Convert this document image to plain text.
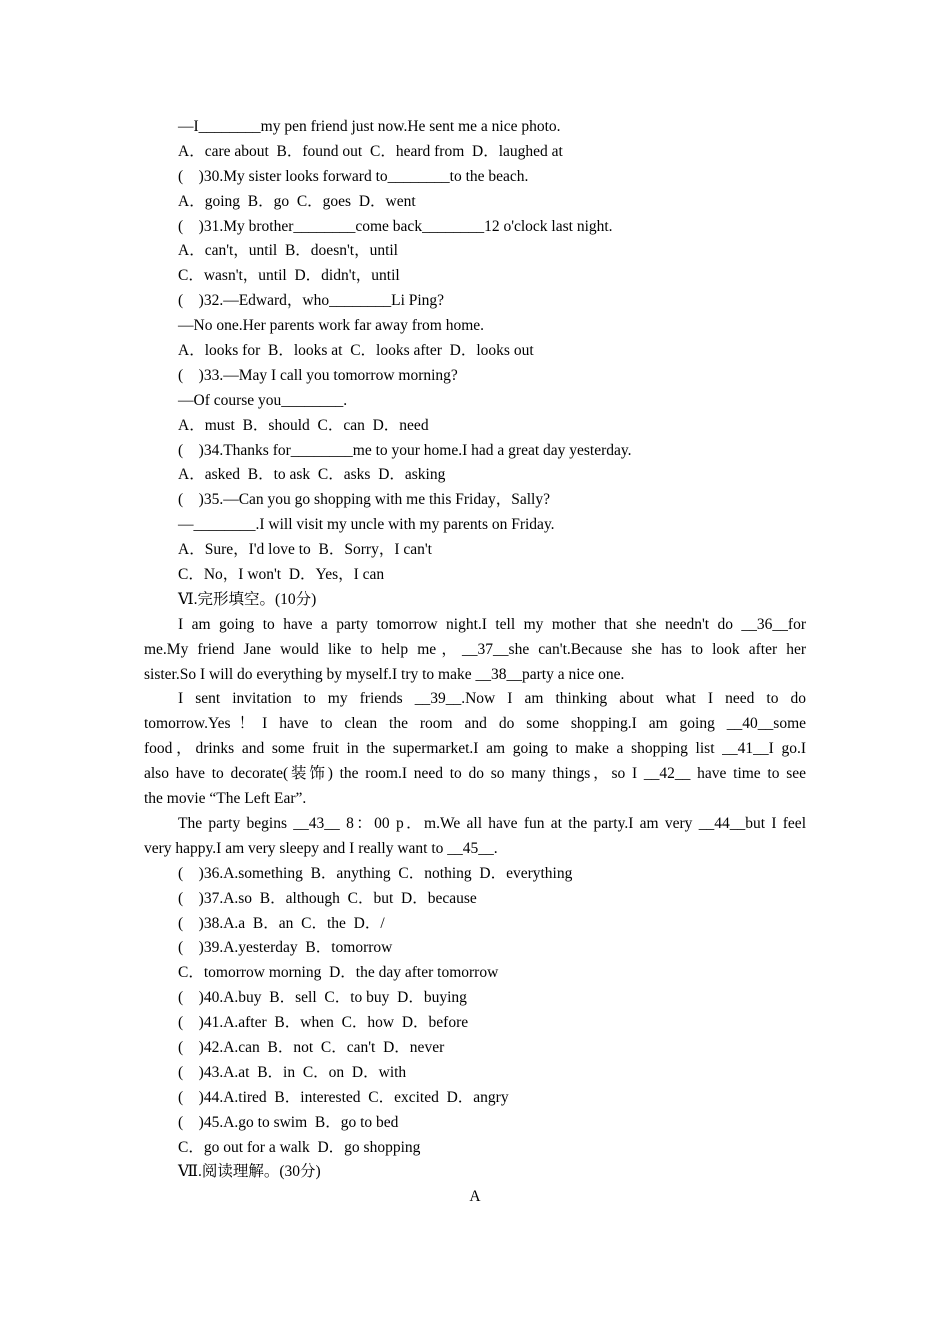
—I________my pen friend just now.He sent me a nice photo.
A．care about  B．found out  C．heard from  D．laughed at
(    )30.My sister looks forward to________to the beach.
A．going  B．go  C．goes  D．went
(    )31.My brother________come back________12 o'clock last night.
A．can't，until  B．doesn't，until
C．wasn't，until  D．didn't，until
(    )32.—Edward，who________Li Ping?
—No one.Her parents work far away from home.
A．looks for  B．looks at  C．looks after  D．looks out
(    )33.—May I call you tomorrow morning?
—Of course you________.
A．must  B．should  C．can  D．need
(    )34.Thanks for________me to your home.I had a great day yesterday.
A．asked  B．to ask  C．asks  D．asking
(    )35.—Can you go shopping with me this Friday，Sally?
—________.I will visit my uncle with my parents on Friday.
A．Sure，I'd love to  B．Sorry，I can't
C．No，I won't  D．Yes，I can
Ⅵ.完形填空。(10分)
I am going to have a party tomorrow night.I tell my mother that she needn't do __36__for
me.My friend Jane would like to help me，__37__she can't.Because she has to look after her
sister.So I will do everything by myself.I try to make __38__party a nice one.
I sent invitation to my friends __39__.Now I am thinking about what I need to do
tomorrow.Yes！I have to clean the room and do some shopping.I am going __40__some
food，drinks and some fruit in the supermarket.I am going to make a shopping list __41__I go.I
also have to decorate(装饰) the room.I need to do so many things，so I __42__ have time to see
the movie “The Left Ear”.
The party begins __43__ 8：00 p．m.We all have fun at the party.I am very __44__but I feel
very happy.I am very sleepy and I really want to __45__.
(    )36.A.something  B．anything  C．nothing  D．everything
(    )37.A.so  B．although  C．but  D．because
(    )38.A.a  B．an  C．the  D．/
(    )39.A.yesterday  B．tomorrow
C．tomorrow morning  D．the day after tomorrow
(    )40.A.buy  B．sell  C．to buy  D．buying
(    )41.A.after  B．when  C．how  D．before
(    )42.A.can  B．not  C．can't  D．never
(    )43.A.at  B．in  C．on  D．with
(    )44.A.tired  B．interested  C．excited  D．angry
(    )45.A.go to swim  B．go to bed
C．go out for a walk  D．go shopping
Ⅶ.阅读理解。(30分)
A
